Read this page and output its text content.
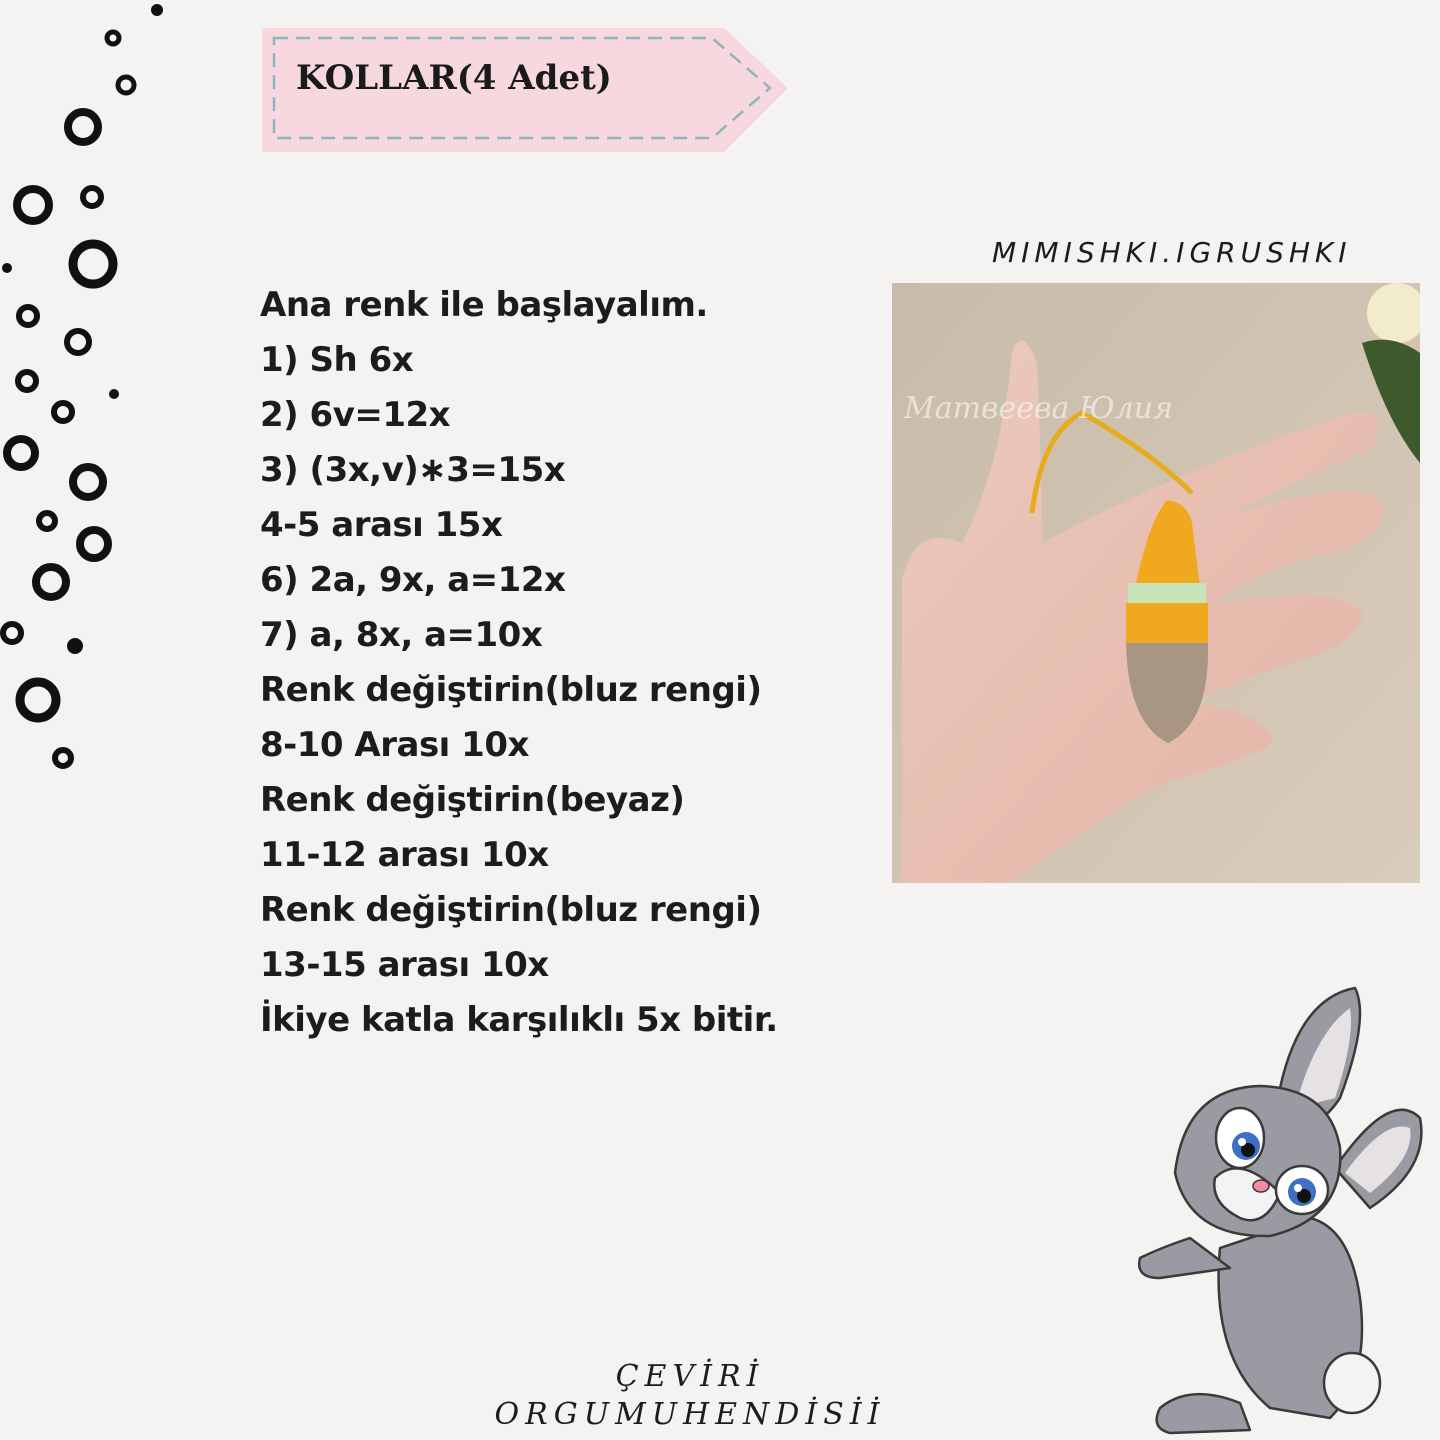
KOLLAR(4 Adet)
Ana renk ile başlayalım.
1) Sh 6x
2) 6v=12x
3) (3x,v)∗3=15x
4-5 arası 15x
6) 2a, 9x, a=12x
7) a, 8x, a=10x
Renk değiştirin(bluz rengi)
8-10 Arası 10x
Renk değiştirin(beyaz)
11-12 arası 10x
Renk değiştirin(bluz rengi)
13-15 arası 10x
İkiye katla karşılıklı 5x bitir.
MIMISHKI.IGRUSHKI
Матвеева Юлия
ÇEVİRİ
ORGUMUHENDİSİİ
